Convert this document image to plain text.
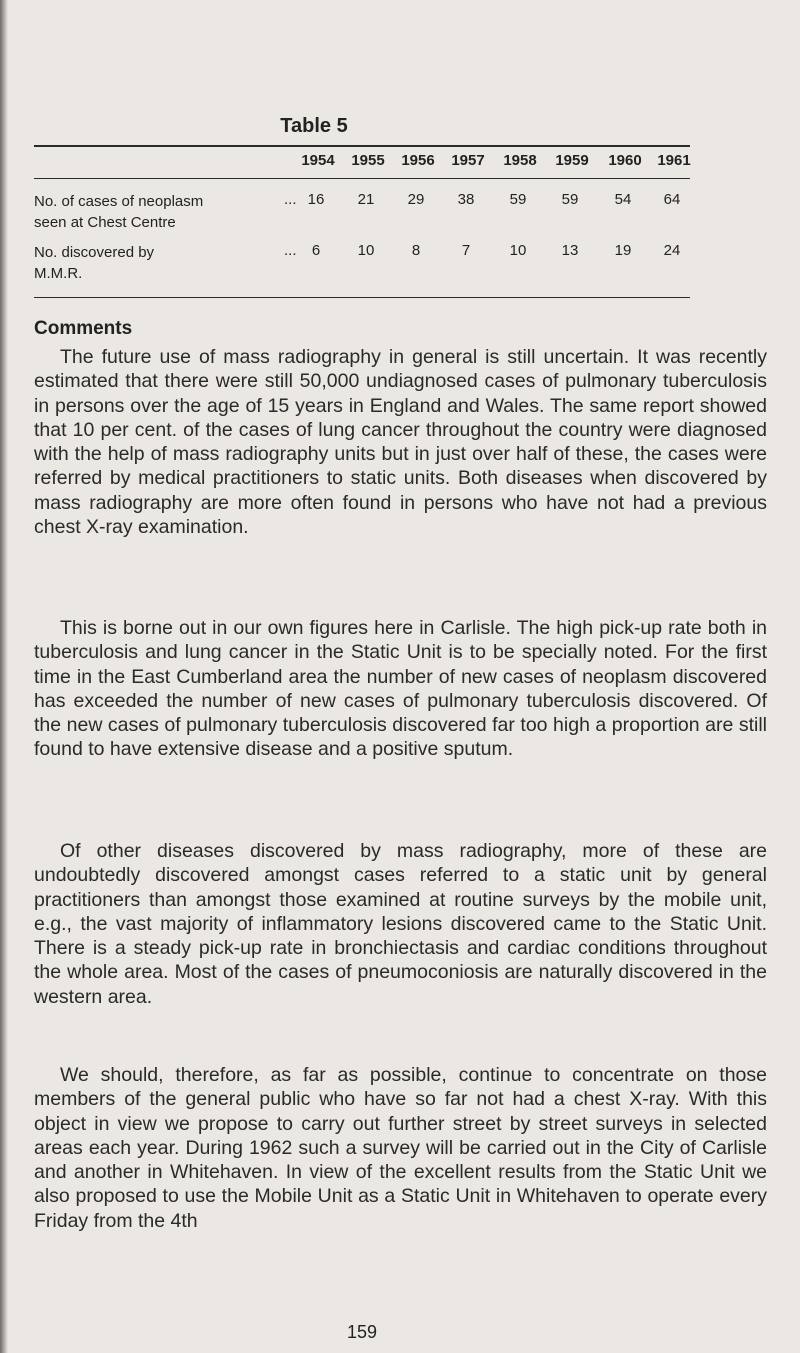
Table 5
1954	1955	1956	1957	1958	1959	1960	1961
No. of cases of neoplasm
seen at Chest Centre
... 16	21	29	38	59	59	54	64
No. discovered by
M.M.R.
...	6	10	8	7	10	13	19	24
Comments

The future use of mass radiography in general is still uncertain. It was recently estimated that there were still 50,000 undiagnosed cases of pulmonary tuberculosis in persons over the age of 15 years in England and Wales. The same report showed that 10 per cent. of the cases of lung cancer throughout the country were diagnosed with the help of mass radiography units but in just over half of these, the cases were referred by medical practitioners to static units. Both diseases when discovered by mass radiography are more often found in persons who have not had a previous chest X-ray examination.

This is borne out in our own figures here in Carlisle. The high pick-up rate both in tuberculosis and lung cancer in the Static Unit is to be specially noted. For the first time in the East Cumberland area the number of new cases of neoplasm discovered has exceeded the number of new cases of pulmonary tuberculosis discovered. Of the new cases of pulmonary tuberculosis discovered far too high a proportion are still found to have extensive disease and a positive sputum.

Of other diseases discovered by mass radiography, more of these are undoubtedly discovered amongst cases referred to a static unit by general practitioners than amongst those examined at routine surveys by the mobile unit, e.g., the vast majority of inflammatory lesions discovered came to the Static Unit. There is a steady pick-up rate in bronchiectasis and cardiac conditions throughout the whole area. Most of the cases of pneumoconiosis are naturally discovered in the western area.

We should, therefore, as far as possible, continue to concentrate on those members of the general public who have so far not had a chest X-ray. With this object in view we propose to carry out further street by street surveys in selected areas each year. During 1962 such a survey will be carried out in the City of Carlisle and another in Whitehaven. In view of the excellent results from the Static Unit we also proposed to use the Mobile Unit as a Static Unit in Whitehaven to operate every Friday from the 4th

159
